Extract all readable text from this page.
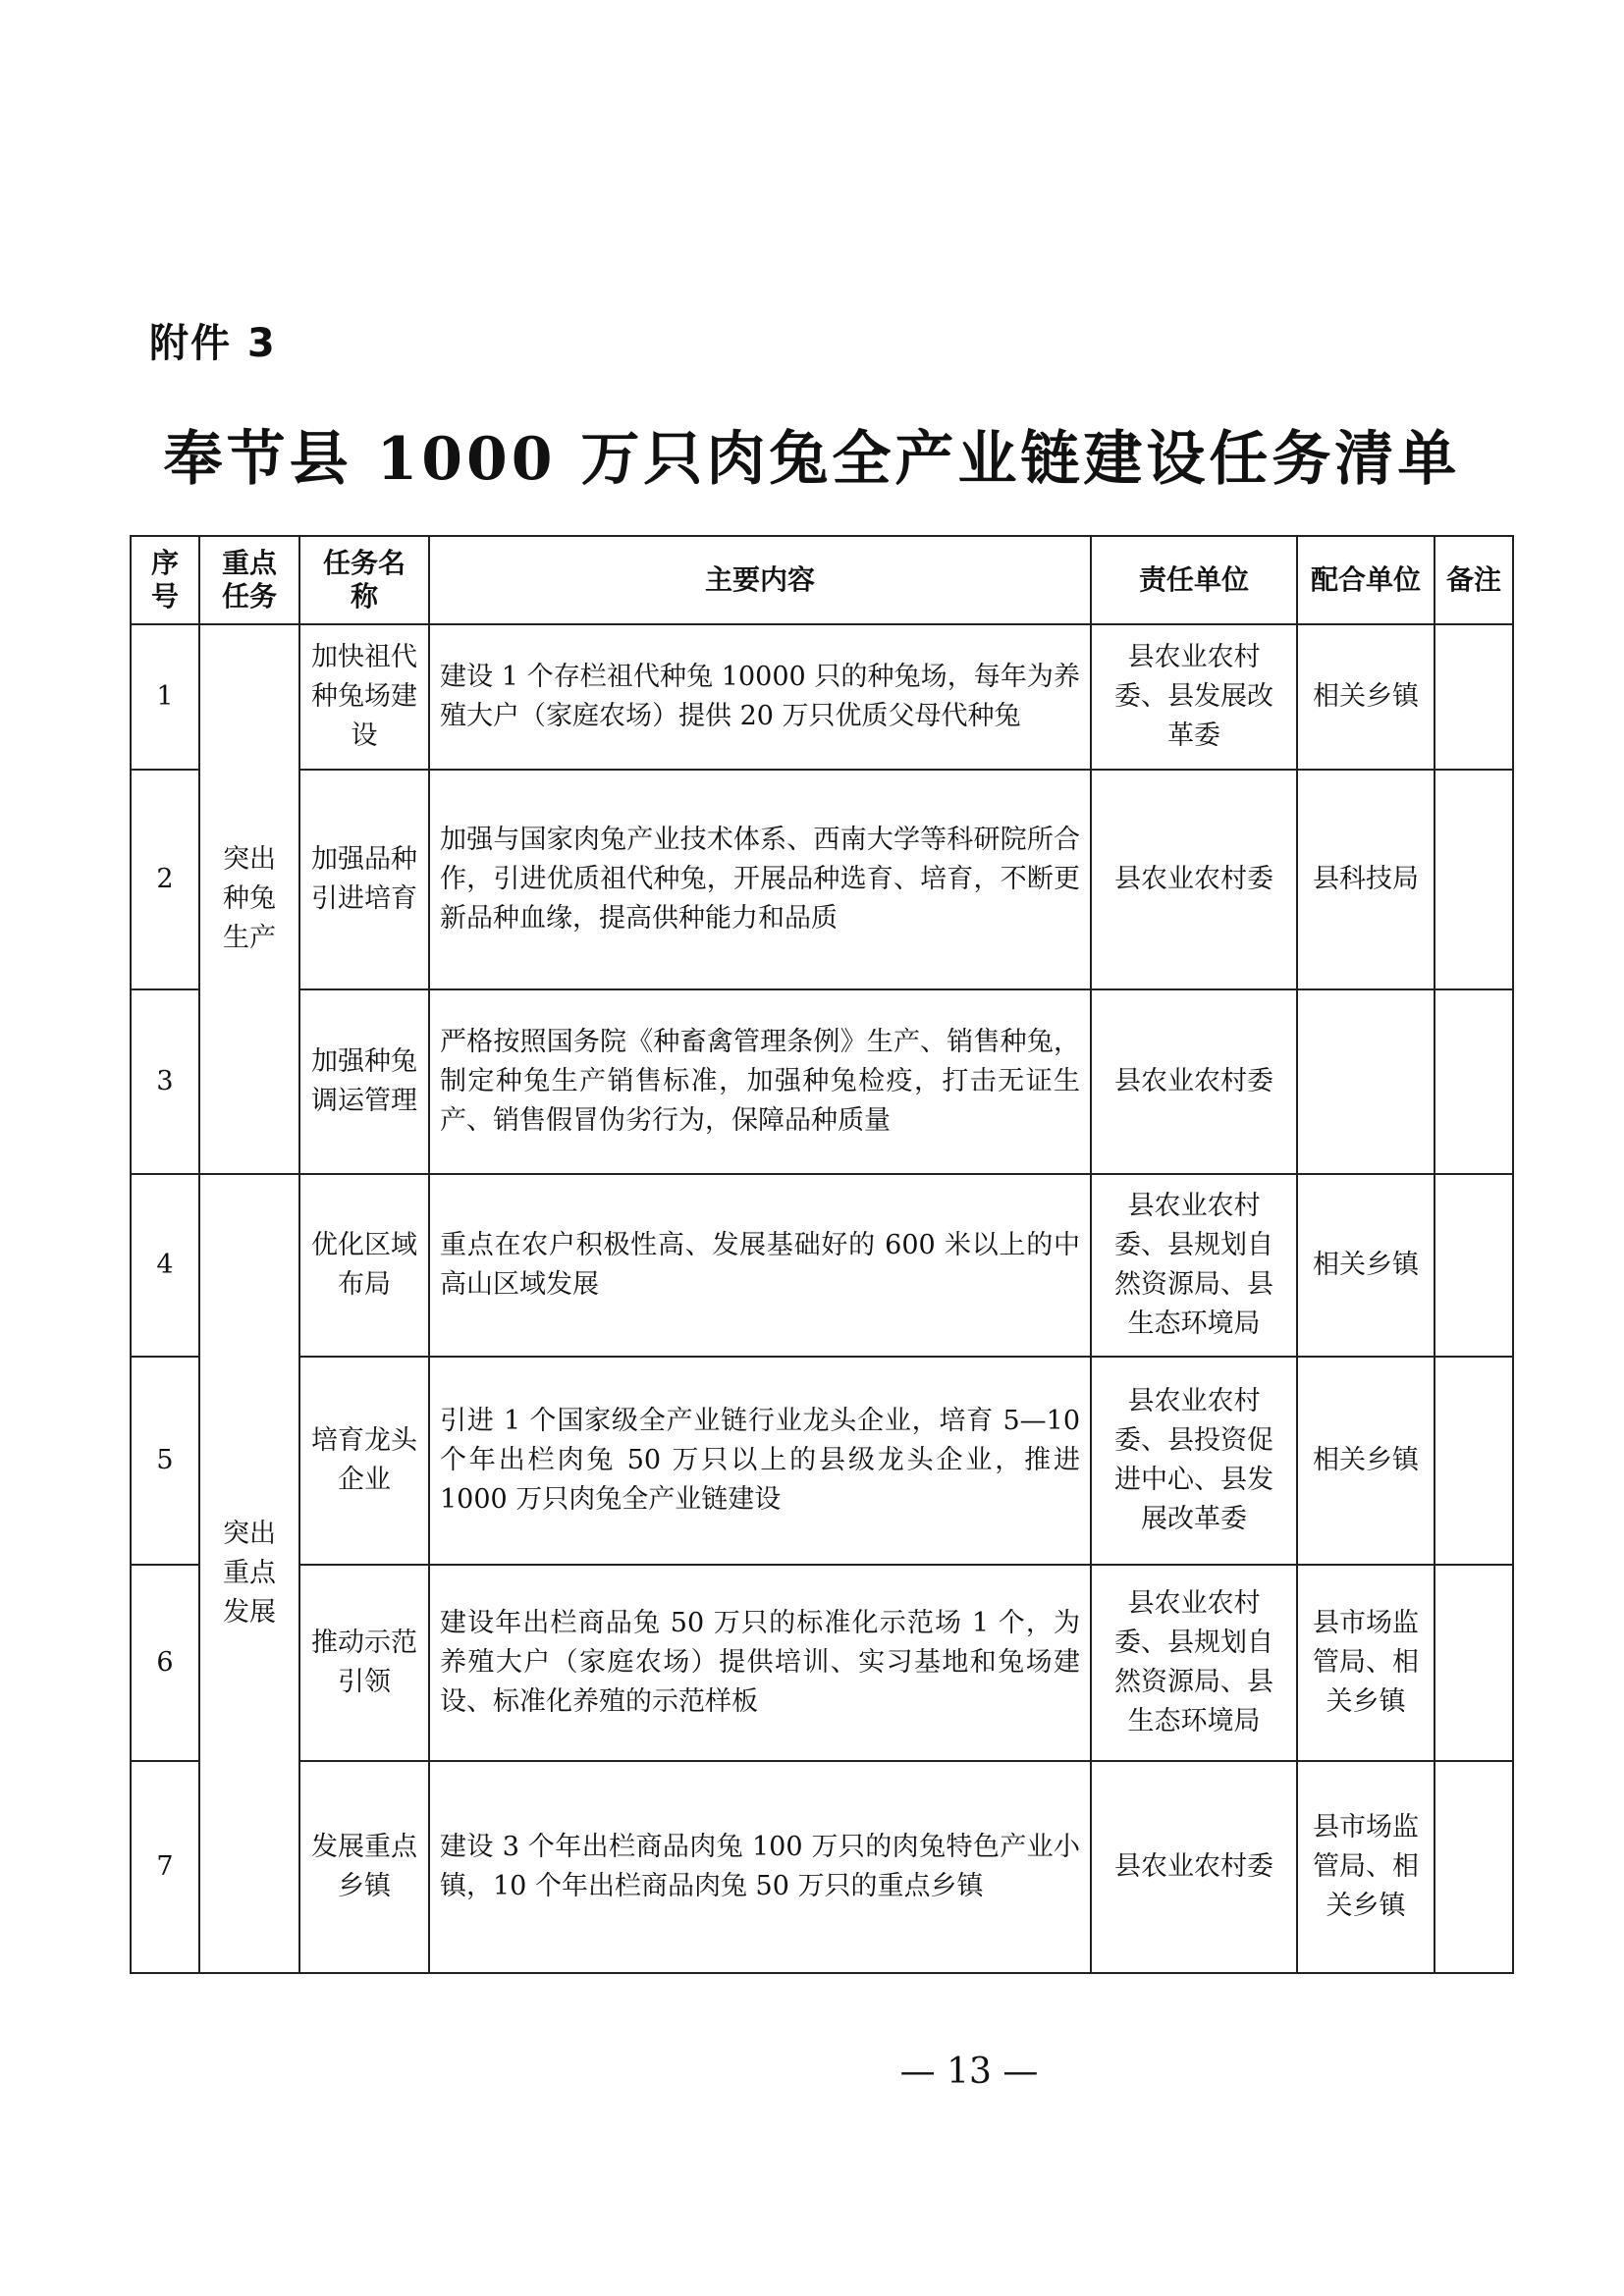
附件 3
奉节县 1000 万只肉兔全产业链建设任务清单
序号	重点任务	任务名称	主要内容	责任单位	配合单位	备注
1	突出种兔生产	加快祖代种兔场建设	建设 1 个存栏祖代种兔 10000 只的种兔场，每年为养殖大户（家庭农场）提供 20 万只优质父母代种兔	县农业农村委、县发展改革委	相关乡镇	
2		加强品种引进培育	加强与国家肉兔产业技术体系、西南大学等科研院所合作，引进优质祖代种兔，开展品种选育、培育，不断更新品种血缘，提高供种能力和品质	县农业农村委	县科技局	
3		加强种兔调运管理	严格按照国务院《种畜禽管理条例》生产、销售种兔，制定种兔生产销售标准，加强种兔检疫，打击无证生产、销售假冒伪劣行为，保障品种质量	县农业农村委		
4	突出重点发展	优化区域布局	重点在农户积极性高、发展基础好的 600 米以上的中高山区域发展	县农业农村委、县规划自然资源局、县生态环境局	相关乡镇	
5		培育龙头企业	引进 1 个国家级全产业链行业龙头企业，培育 5—10 个年出栏肉兔 50 万只以上的县级龙头企业，推进 1000 万只肉兔全产业链建设	县农业农村委、县投资促进中心、县发展改革委	相关乡镇	
6		推动示范引领	建设年出栏商品兔 50 万只的标准化示范场 1 个，为养殖大户（家庭农场）提供培训、实习基地和兔场建设、标准化养殖的示范样板	县农业农村委、县规划自然资源局、县生态环境局	县市场监管局、相关乡镇	
7		发展重点乡镇	建设 3 个年出栏商品肉兔 100 万只的肉兔特色产业小镇，10 个年出栏商品肉兔 50 万只的重点乡镇	县农业农村委	县市场监管局、相关乡镇	
— 13 —
